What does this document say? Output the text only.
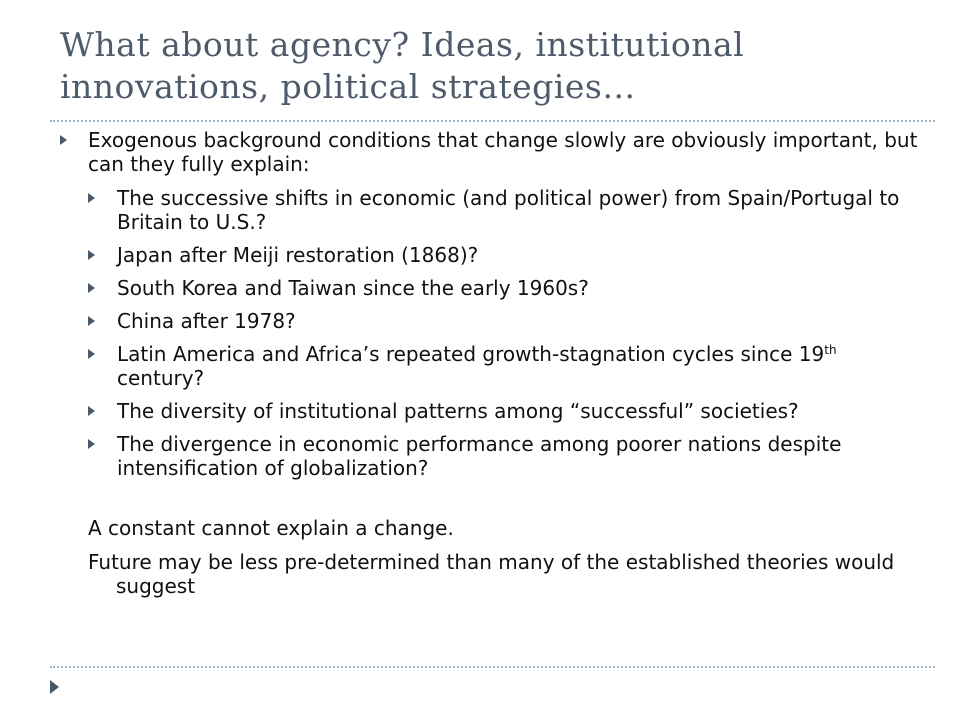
What about agency? Ideas, institutional
innovations, political strategies…
Exogenous background conditions that change slowly are obviously important, but can they fully explain:
The successive shifts in economic (and political power) from Spain/Portugal to Britain to U.S.?
Japan after Meiji restoration (1868)?
South Korea and Taiwan since the early 1960s?
China after 1978?
Latin America and Africa’s repeated growth-stagnation cycles since 19th century?
The diversity of institutional patterns among “successful” societies?
The divergence in economic performance among poorer nations despite intensification of globalization?

A constant cannot explain a change.

Future may be less pre-determined than many of the established theories would suggest
